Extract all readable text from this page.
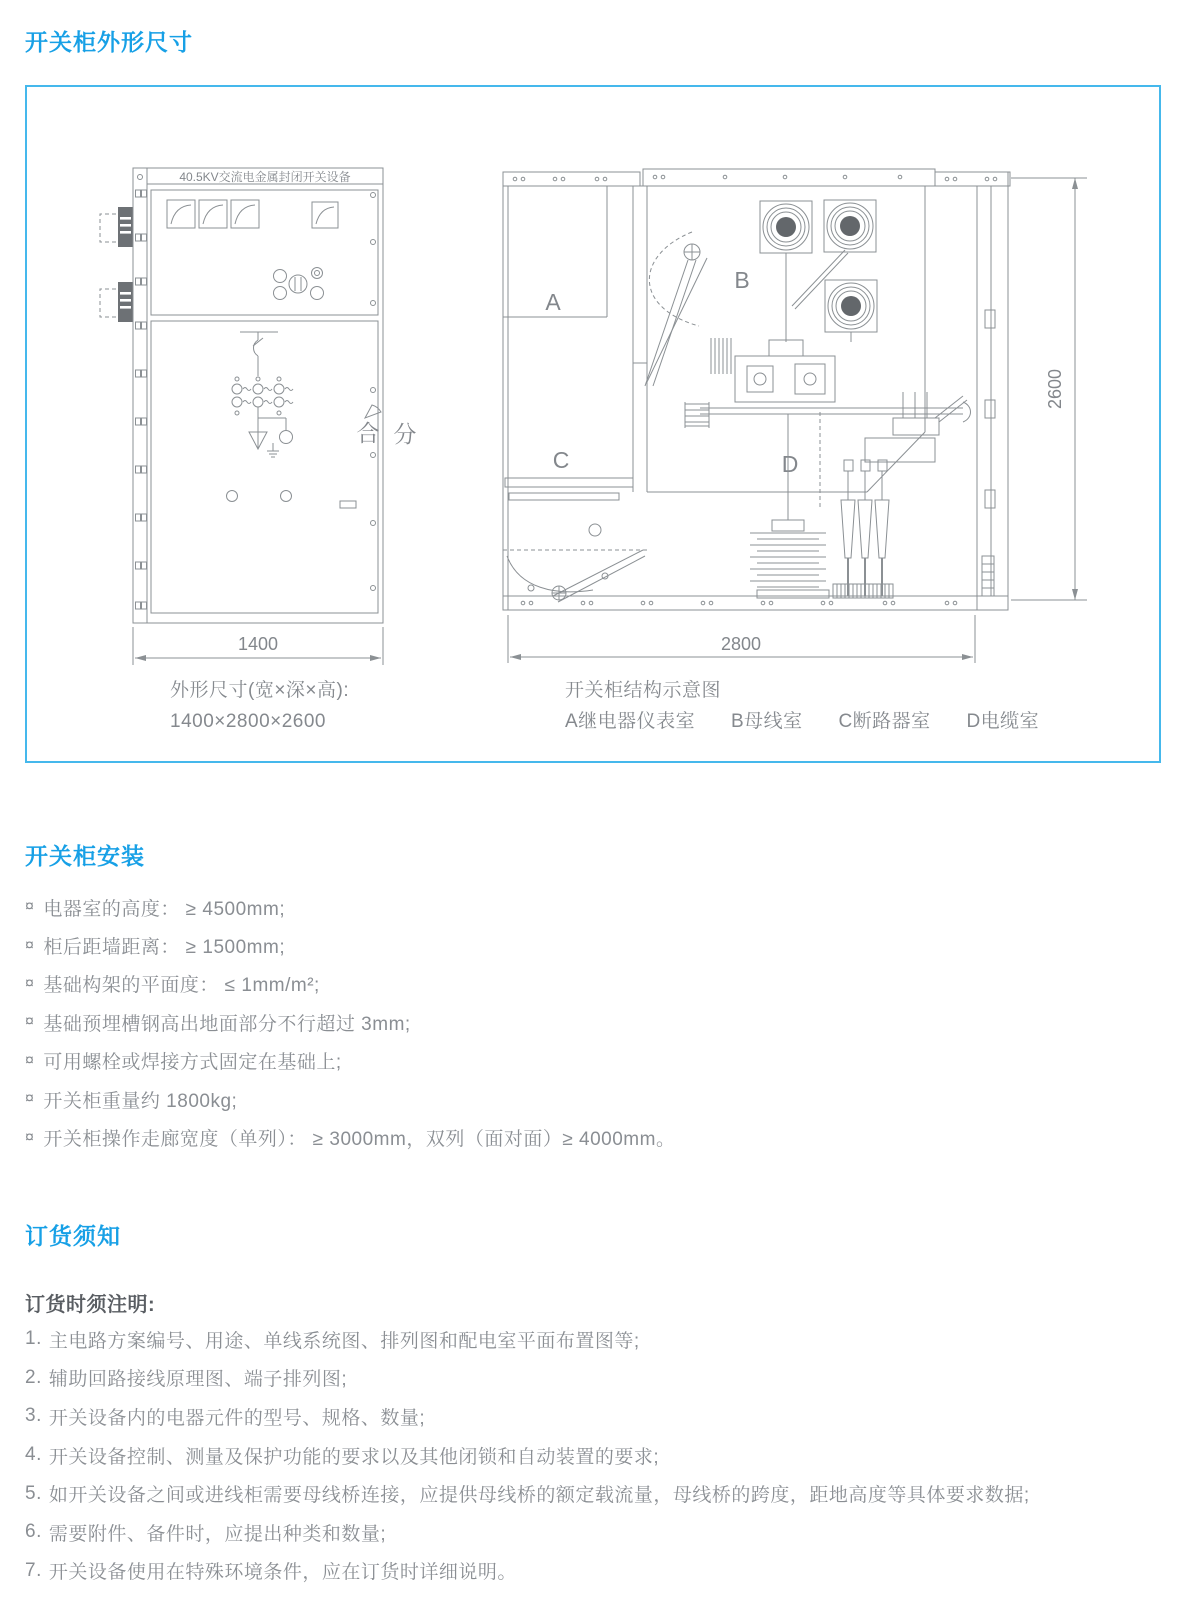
开关柜外形尺寸
40.5KV交流电金属封闭开关设备
合 分
1400
A
B
C	D
2800
2600
外形尺寸(宽×深×高):
1400×2800×2600
开关柜结构示意图
A继电器仪表室 B母线室 C断路器室 D电缆室
开关柜安装
¤ 电器室的高度： ≥ 4500mm;
¤ 柜后距墙距离： ≥ 1500mm;
¤ 基础构架的平面度： ≤ 1mm/m²;
¤ 基础预埋槽钢高出地面部分不行超过 3mm;
¤ 可用螺栓或焊接方式固定在基础上;
¤ 开关柜重量约 1800kg;
¤ 开关柜操作走廊宽度（单列）： ≥ 3000mm，双列（面对面）≥ 4000mm。
订货须知
订货时须注明:
1. 主电路方案编号、用途、单线系统图、排列图和配电室平面布置图等;
2. 辅助回路接线原理图、端子排列图;
3. 开关设备内的电器元件的型号、规格、数量;
4. 开关设备控制、测量及保护功能的要求以及其他闭锁和自动装置的要求;
5. 如开关设备之间或进线柜需要母线桥连接，应提供母线桥的额定载流量，母线桥的跨度，距地高度等具体要求数据;
6. 需要附件、备件时，应提出种类和数量;
7. 开关设备使用在特殊环境条件，应在订货时详细说明。
